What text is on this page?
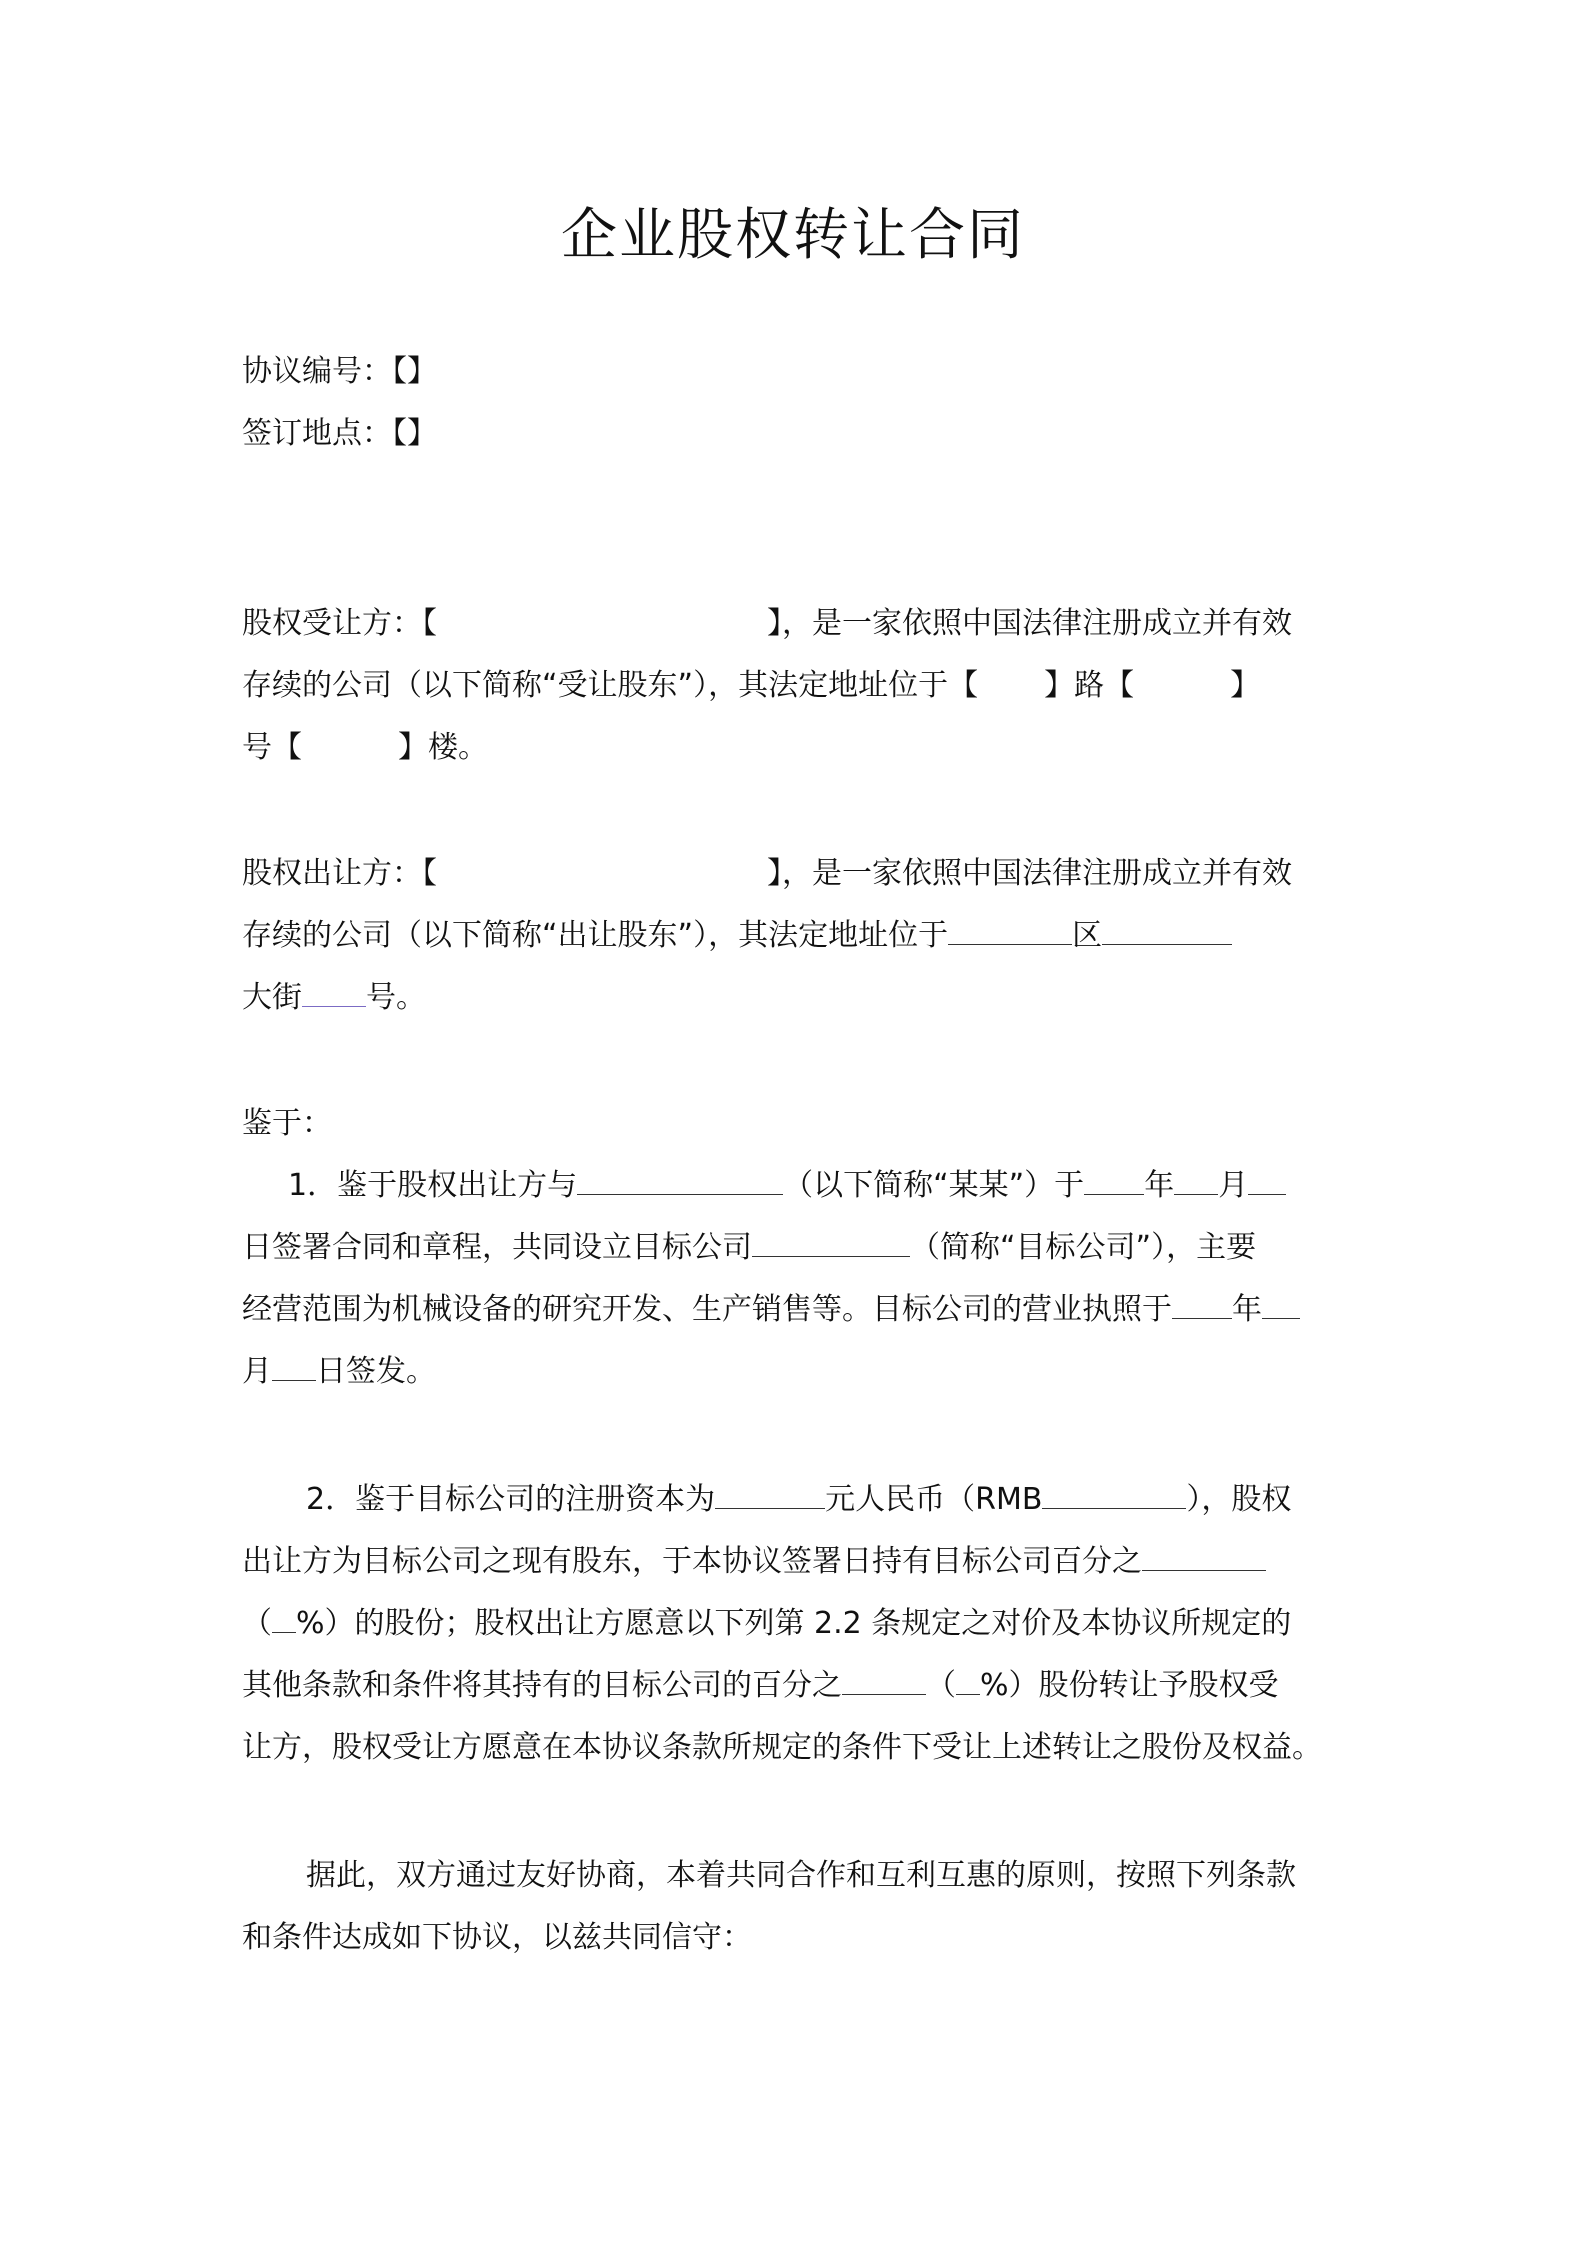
企业股权转让合同
协议编号：【】
签订地点：【】
股权受让方：【	】，是一家依照中国法律注册成立并有效
存续的公司（以下简称“受让股东”），其法定地址位于【 】路【	】
号【	】楼。
股权出让方：【	】，是一家依照中国法律注册成立并有效
存续的公司（以下简称“出让股东”），其法定地址位于	区
大街 号。
鉴于：
1．鉴于股权出让方与	（以下简称“某某”）于 年 月
日签署合同和章程，共同设立目标公司	（简称“目标公司”），主要
经营范围为机械设备的研究开发、生产销售等。目标公司的营业执照于 年
月 日签发。
2．鉴于目标公司的注册资本为	元人民币（RMB	），股权
出让方为目标公司之现有股东，于本协议签署日持有目标公司百分之
（ %）的股份；股权出让方愿意以下列第 2.2 条规定之对价及本协议所规定的
其他条款和条件将其持有的目标公司的百分之	（ %）股份转让予股权受
让方，股权受让方愿意在本协议条款所规定的条件下受让上述转让之股份及权益。
据此，双方通过友好协商，本着共同合作和互利互惠的原则，按照下列条款
和条件达成如下协议，以兹共同信守：
